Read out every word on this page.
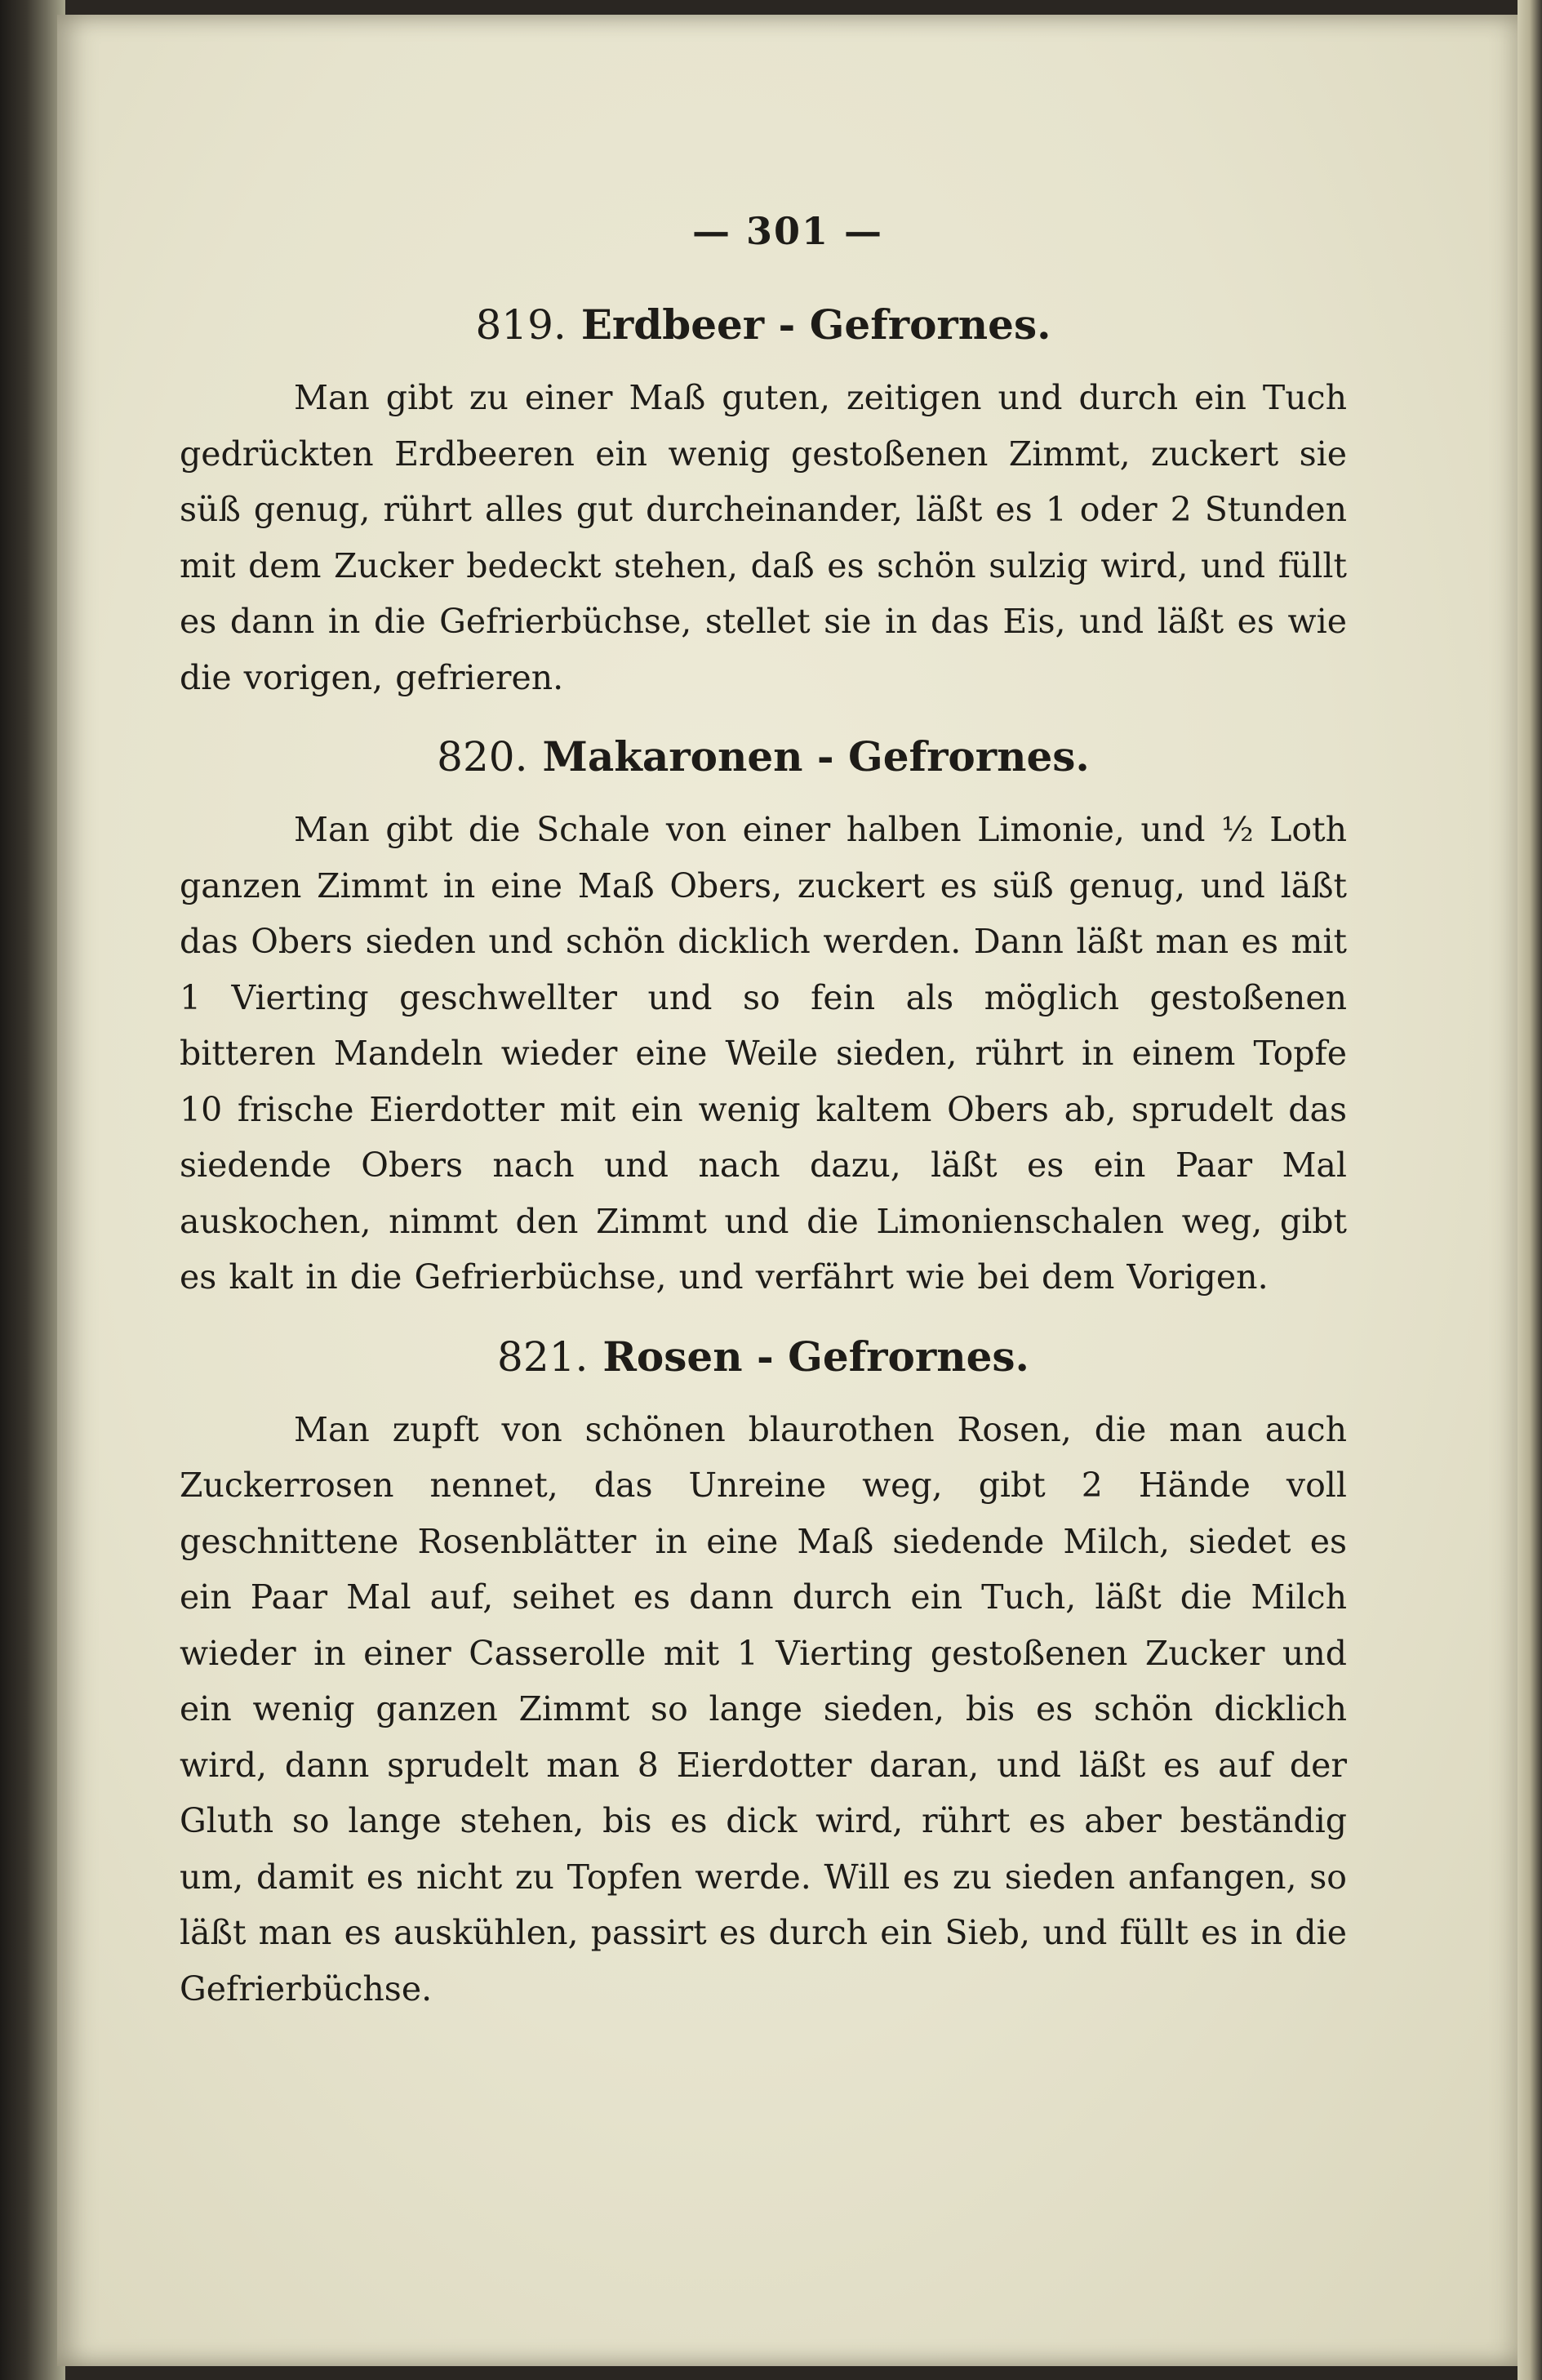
— 301 —
819. Erdbeer - Gefrornes.

Man gibt zu einer Maß guten, zeitigen und durch ein Tuch gedrückten Erdbeeren ein wenig gestoßenen Zimmt, zuckert sie süß genug, rührt alles gut durcheinander, läßt es 1 oder 2 Stunden mit dem Zucker bedeckt stehen, daß es schön sulzig wird, und füllt es dann in die Gefrierbüchse, stellet sie in das Eis, und läßt es wie die vorigen, gefrieren.

820. Makaronen - Gefrornes.

Man gibt die Schale von einer halben Limonie, und ½ Loth ganzen Zimmt in eine Maß Obers, zuckert es süß genug, und läßt das Obers sieden und schön dicklich werden. Dann läßt man es mit 1 Vierting geschwellter und so fein als möglich gestoßenen bitteren Mandeln wieder eine Weile sieden, rührt in einem Topfe 10 frische Eierdotter mit ein wenig kaltem Obers ab, sprudelt das siedende Obers nach und nach dazu, läßt es ein Paar Mal auskochen, nimmt den Zimmt und die Limonienschalen weg, gibt es kalt in die Gefrierbüchse, und verfährt wie bei dem Vorigen.

821. Rosen - Gefrornes.

Man zupft von schönen blaurothen Rosen, die man auch Zuckerrosen nennet, das Unreine weg, gibt 2 Hände voll geschnittene Rosenblätter in eine Maß siedende Milch, siedet es ein Paar Mal auf, seihet es dann durch ein Tuch, läßt die Milch wieder in einer Casserolle mit 1 Vierting gestoßenen Zucker und ein wenig ganzen Zimmt so lange sieden, bis es schön dicklich wird, dann sprudelt man 8 Eierdotter daran, und läßt es auf der Gluth so lange stehen, bis es dick wird, rührt es aber beständig um, damit es nicht zu Topfen werde. Will es zu sieden anfangen, so läßt man es auskühlen, passirt es durch ein Sieb, und füllt es in die Gefrierbüchse.
